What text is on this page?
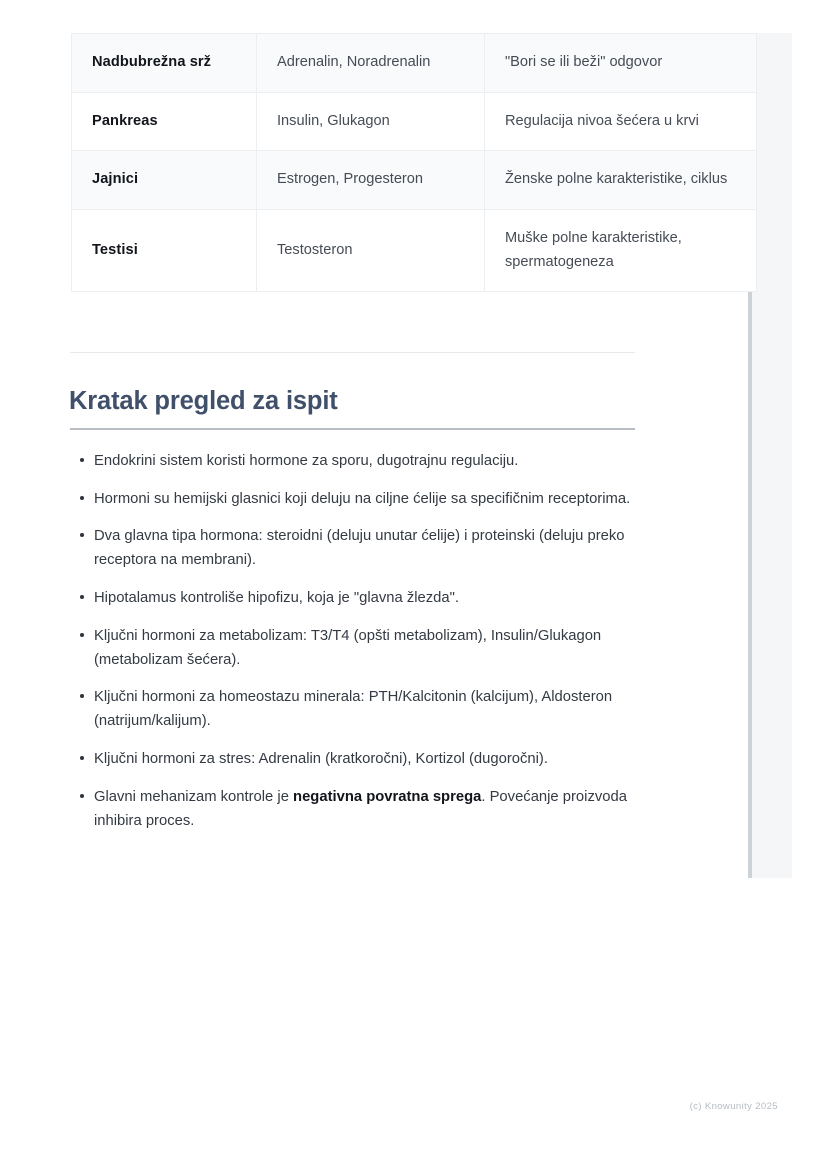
Nadbubrežna srž	Adrenalin, Noradrenalin	"Bori se ili beži" odgovor
Pankreas	Insulin, Glukagon	Regulacija nivoa šećera u krvi
Jajnici	Estrogen, Progesteron	Ženske polne karakteristike, ciklus
Testisi	Testosteron	Muške polne karakteristike, spermatogeneza
Kratak pregled za ispit
Endokrini sistem koristi hormone za sporu, dugotrajnu regulaciju.
Hormoni su hemijski glasnici koji deluju na ciljne ćelije sa specifičnim receptorima.
Dva glavna tipa hormona: steroidni (deluju unutar ćelije) i proteinski (deluju preko receptora na membrani).
Hipotalamus kontroliše hipofizu, koja je "glavna žlezda".
Ključni hormoni za metabolizam: T3/T4 (opšti metabolizam), Insulin/Glukagon (metabolizam šećera).
Ključni hormoni za homeostazu minerala: PTH/Kalcitonin (kalcijum), Aldosteron (natrijum/kalijum).
Ključni hormoni za stres: Adrenalin (kratkoročni), Kortizol (dugoročni).
Glavni mehanizam kontrole je negativna povratna sprega. Povećanje proizvoda inhibira proces.
(c) Knowunity 2025
